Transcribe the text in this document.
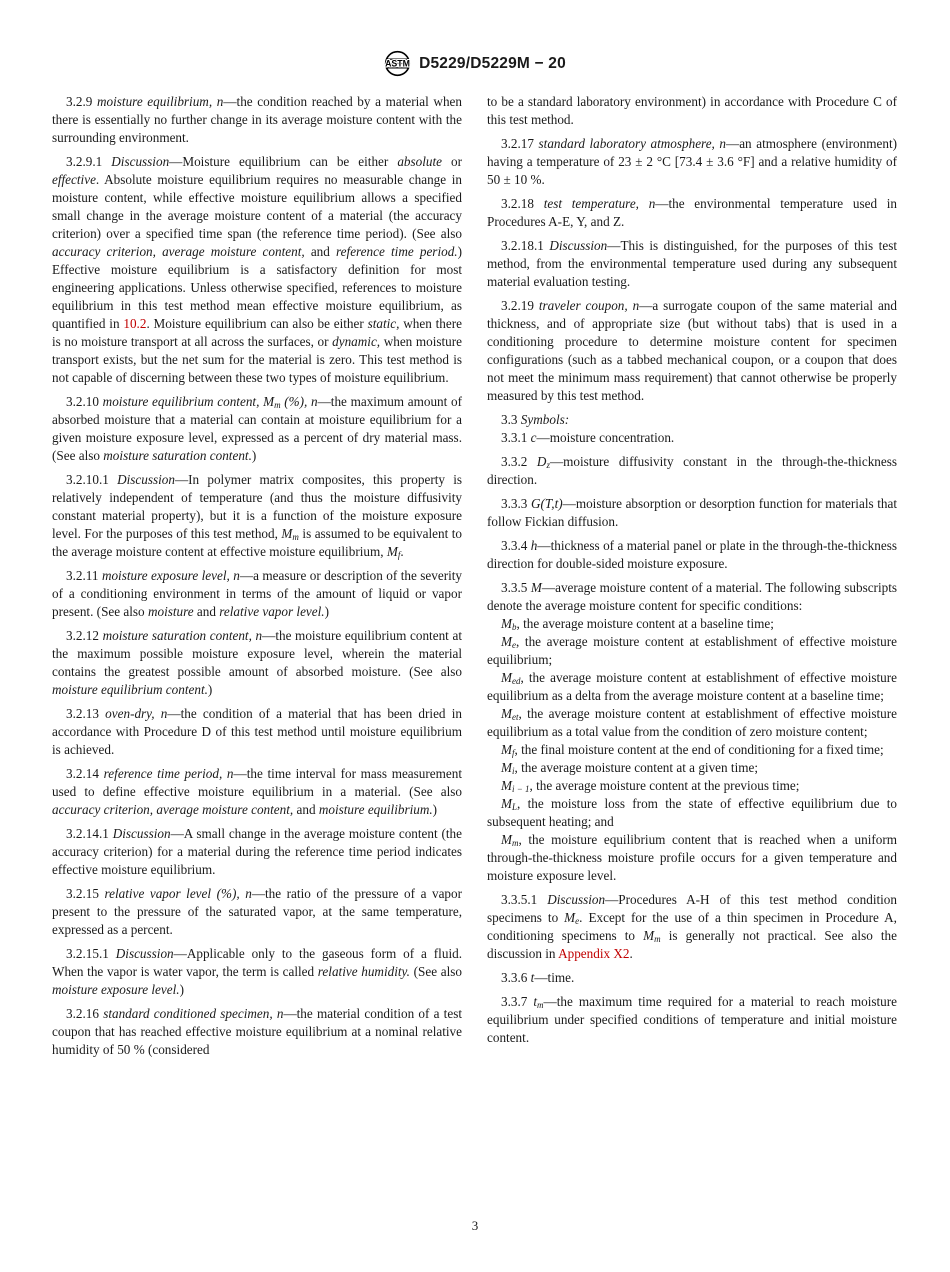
ASTM D5229/D5229M − 20

3.2.9 moisture equilibrium, n—the condition reached by a material when there is essentially no further change in its average moisture content with the surrounding environment.

3.2.9.1 Discussion—Moisture equilibrium can be either absolute or effective. Absolute moisture equilibrium requires no measurable change in moisture content, while effective moisture equilibrium allows a specified small change in the average moisture content of a material (the accuracy criterion) over a specified time span (the reference time period). (See also accuracy criterion, average moisture content, and reference time period.) Effective moisture equilibrium is a satisfactory definition for most engineering applications. Unless otherwise specified, references to moisture equilibrium in this test method mean effective moisture equilibrium, as quantified in 10.2. Moisture equilibrium can also be either static, when there is no moisture transport at all across the surfaces, or dynamic, when moisture transport exists, but the net sum for the material is zero. This test method is not capable of discerning between these two types of moisture equilibrium.

3.2.10 moisture equilibrium content, $M_m$ (%), n—the maximum amount of absorbed moisture that a material can contain at moisture equilibrium for a given moisture exposure level, expressed as a percent of dry material mass. (See also moisture saturation content.)

3.2.10.1 Discussion—In polymer matrix composites, this property is relatively independent of temperature (and thus the moisture diffusivity constant material property), but it is a function of the moisture exposure level. For the purposes of this test method, $M_m$ is assumed to be equivalent to the average moisture content at effective moisture equilibrium, $M_f$.

3.2.11 moisture exposure level, n—a measure or description of the severity of a conditioning environment in terms of the amount of liquid or vapor present. (See also moisture and relative vapor level.)

3.2.12 moisture saturation content, n—the moisture equilibrium content at the maximum possible moisture exposure level, wherein the material contains the greatest possible amount of absorbed moisture. (See also moisture equilibrium content.)

3.2.13 oven-dry, n—the condition of a material that has been dried in accordance with Procedure D of this test method until moisture equilibrium is achieved.

3.2.14 reference time period, n—the time interval for mass measurement used to define effective moisture equilibrium in a material. (See also accuracy criterion, average moisture content, and moisture equilibrium.)

3.2.14.1 Discussion—A small change in the average moisture content (the accuracy criterion) for a material during the reference time period indicates effective moisture equilibrium.

3.2.15 relative vapor level (%), n—the ratio of the pressure of a vapor present to the pressure of the saturated vapor, at the same temperature, expressed as a percent.

3.2.15.1 Discussion—Applicable only to the gaseous form of a fluid. When the vapor is water vapor, the term is called relative humidity. (See also moisture exposure level.)

3.2.16 standard conditioned specimen, n—the material condition of a test coupon that has reached effective moisture equilibrium at a nominal relative humidity of 50 % (considered

to be a standard laboratory environment) in accordance with Procedure C of this test method.

3.2.17 standard laboratory atmosphere, n—an atmosphere (environment) having a temperature of 23 ± 2 °C [73.4 ± 3.6 °F] and a relative humidity of 50 ± 10 %.

3.2.18 test temperature, n—the environmental temperature used in Procedures A-E, Y, and Z.

3.2.18.1 Discussion—This is distinguished, for the purposes of this test method, from the environmental temperature used during any subsequent material evaluation testing.

3.2.19 traveler coupon, n—a surrogate coupon of the same material and thickness, and of appropriate size (but without tabs) that is used in a conditioning procedure to determine moisture content for specimen configurations (such as a tabbed mechanical coupon, or a coupon that does not meet the minimum mass requirement) that cannot otherwise be properly measured by this test method.

3.3 Symbols:

3.3.1 c—moisture concentration.

3.3.2 $D_z—moisture$ diffusivity constant in the through-the-thickness direction.

3.3.3 G(T,t)—moisture absorption or desorption function for materials that follow Fickian diffusion.

3.3.4 h—thickness of a material panel or plate in the through-the-thickness direction for double-sided moisture exposure.

3.3.5 M—average moisture content of a material. The following subscripts denote the average moisture content for specific conditions:

$M_b$, the average moisture content at a baseline time;

$M_e$, the average moisture content at establishment of effective moisture equilibrium;

$M_{ed}$, the average moisture content at establishment of effective moisture equilibrium as a delta from the average moisture content at a baseline time;

$M_{et}$, the average moisture content at establishment of effective moisture equilibrium as a total value from the condition of zero moisture content;

$M_f$, the final moisture content at the end of conditioning for a fixed time;

$M_i$, the average moisture content at a given time;

$M_{i - 1}$, the average moisture content at the previous time;

$M_L$, the moisture loss from the state of effective equilibrium due to subsequent heating; and

$M_m$, the moisture equilibrium content that is reached when a uniform through-the-thickness moisture profile occurs for a given temperature and moisture exposure level.

3.3.5.1 Discussion—Procedures A-H of this test method condition specimens to $M_e$. Except for the use of a thin specimen in Procedure A, conditioning specimens to $M_m$ is generally not practical. See also the discussion in Appendix X2.

3.3.6 t—time.

3.3.7 $t_m—the$ maximum time required for a material to reach moisture equilibrium under specified conditions of temperature and initial moisture content.

3
